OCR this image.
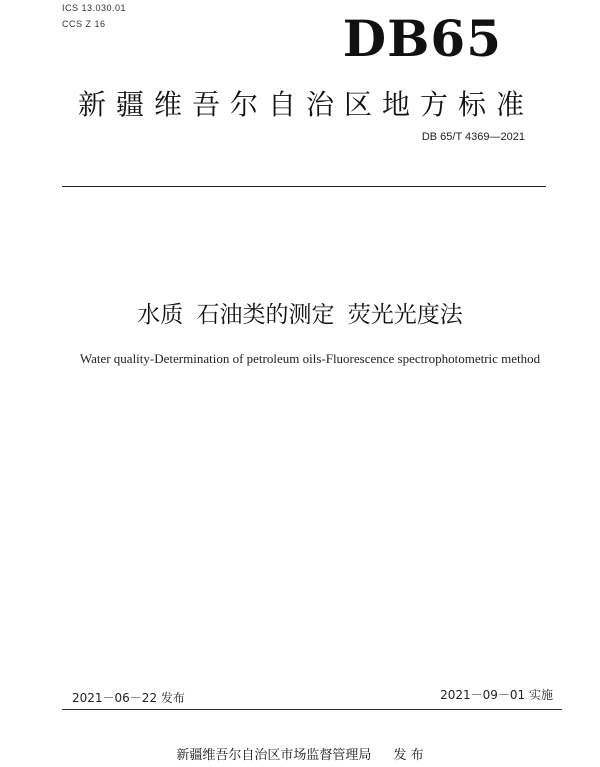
ICS 13.030.01
CCS Z 16	DB65
新疆维吾尔自治区地方标准
DB 65/T 4369—2021
水质 石油类的测定 荧光光度法
Water quality-Determination of petroleum oils-Fluorescence spectrophotometric method
2021－06－22 发布	2021－09－01 实施
新疆维吾尔自治区市场监督管理局 发 布
